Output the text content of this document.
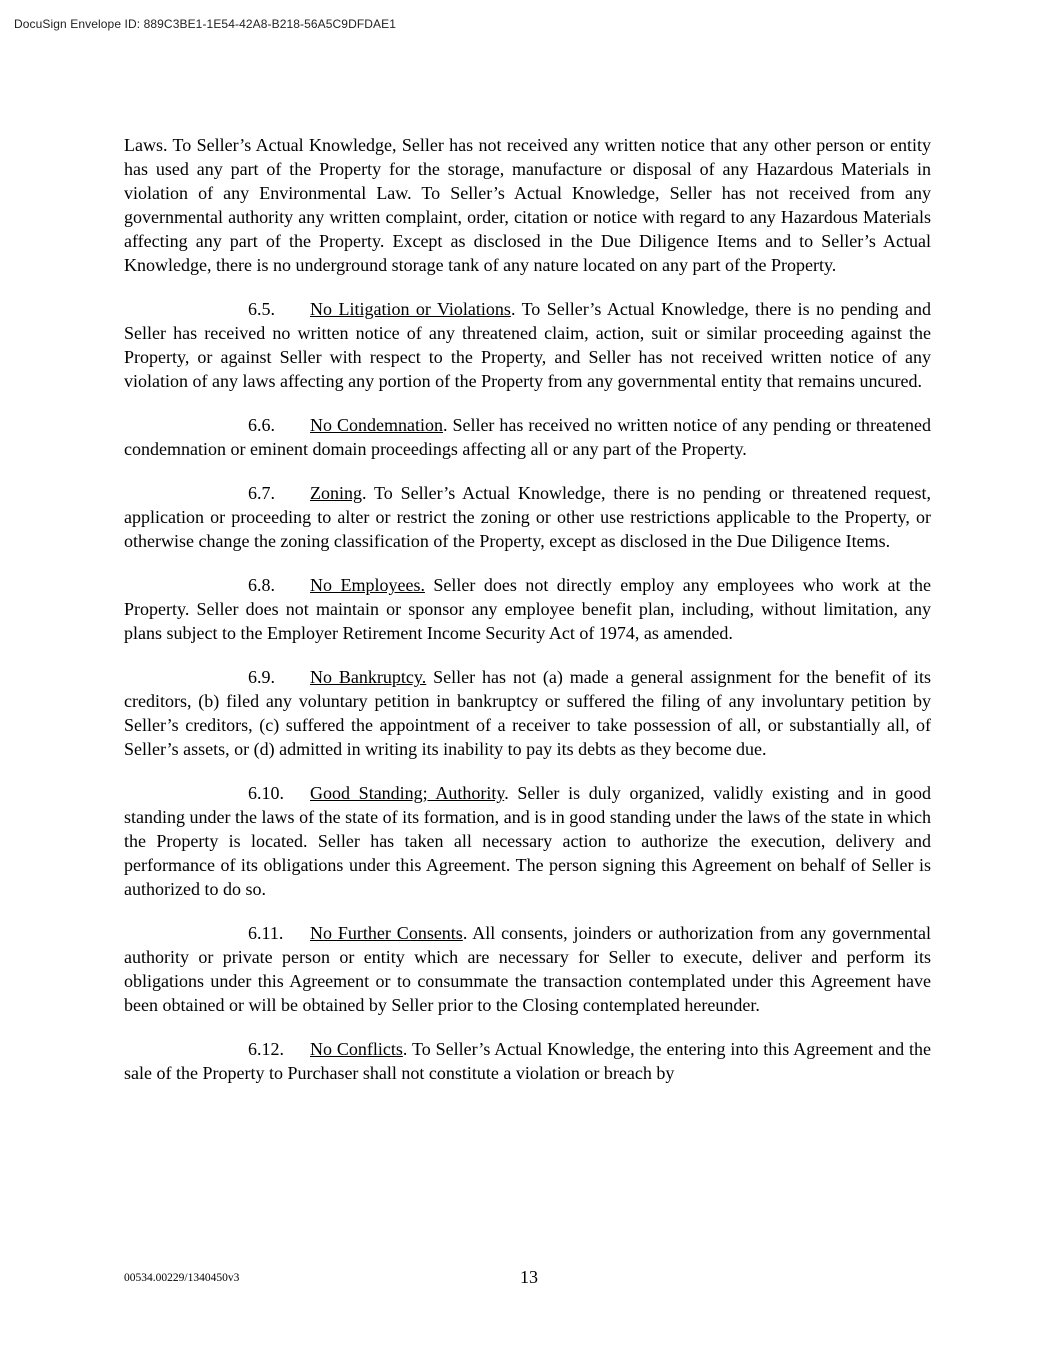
DocuSign Envelope ID: 889C3BE1-1E54-42A8-B218-56A5C9DFDAE1

Laws. To Seller’s Actual Knowledge, Seller has not received any written notice that any other person or entity has used any part of the Property for the storage, manufacture or disposal of any Hazardous Materials in violation of any Environmental Law. To Seller’s Actual Knowledge, Seller has not received from any governmental authority any written complaint, order, citation or notice with regard to any Hazardous Materials affecting any part of the Property. Except as disclosed in the Due Diligence Items and to Seller’s Actual Knowledge, there is no underground storage tank of any nature located on any part of the Property.

6.5. No Litigation or Violations. To Seller’s Actual Knowledge, there is no pending and Seller has received no written notice of any threatened claim, action, suit or similar proceeding against the Property, or against Seller with respect to the Property, and Seller has not received written notice of any violation of any laws affecting any portion of the Property from any governmental entity that remains uncured.

6.6. No Condemnation. Seller has received no written notice of any pending or threatened condemnation or eminent domain proceedings affecting all or any part of the Property.

6.7. Zoning. To Seller’s Actual Knowledge, there is no pending or threatened request, application or proceeding to alter or restrict the zoning or other use restrictions applicable to the Property, or otherwise change the zoning classification of the Property, except as disclosed in the Due Diligence Items.

6.8. No Employees. Seller does not directly employ any employees who work at the Property. Seller does not maintain or sponsor any employee benefit plan, including, without limitation, any plans subject to the Employer Retirement Income Security Act of 1974, as amended.

6.9. No Bankruptcy. Seller has not (a) made a general assignment for the benefit of its creditors, (b) filed any voluntary petition in bankruptcy or suffered the filing of any involuntary petition by Seller’s creditors, (c) suffered the appointment of a receiver to take possession of all, or substantially all, of Seller’s assets, or (d) admitted in writing its inability to pay its debts as they become due.

6.10. Good Standing; Authority. Seller is duly organized, validly existing and in good standing under the laws of the state of its formation, and is in good standing under the laws of the state in which the Property is located. Seller has taken all necessary action to authorize the execution, delivery and performance of its obligations under this Agreement. The person signing this Agreement on behalf of Seller is authorized to do so.

6.11. No Further Consents. All consents, joinders or authorization from any governmental authority or private person or entity which are necessary for Seller to execute, deliver and perform its obligations under this Agreement or to consummate the transaction contemplated under this Agreement have been obtained or will be obtained by Seller prior to the Closing contemplated hereunder.

6.12. No Conflicts. To Seller’s Actual Knowledge, the entering into this Agreement and the sale of the Property to Purchaser shall not constitute a violation or breach by

00534.00229/1340450v3	13
